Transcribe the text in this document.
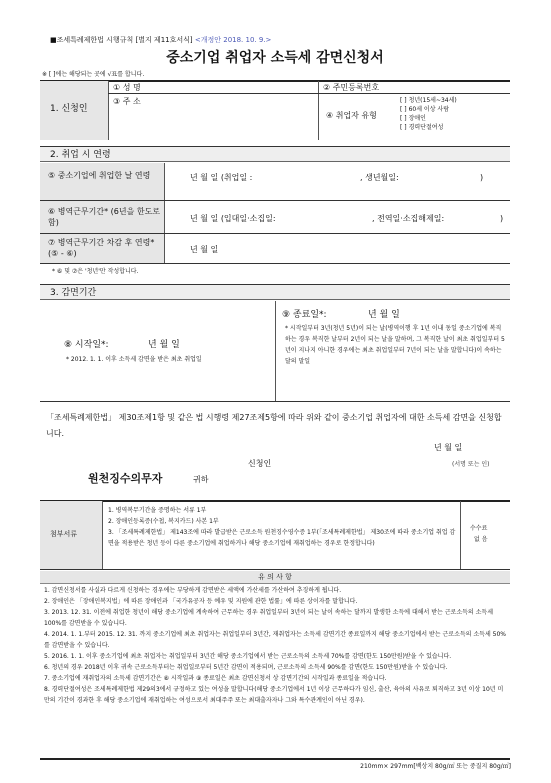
■조세특례제한법 시행규칙 [별지 제11호서식] <개정안 2018. 10. 9.>
중소기업 취업자 소득세 감면신청서
※ [ ]에는 해당되는 곳에 √표를 합니다.
1. 신청인
① 성 명	② 주민등록번호
③ 주 소
④ 취업자 유형
[ ] 청년(15세~34세)
[ ] 60세 이상 사람
[ ] 장애인
[ ] 경력단절여성
2. 취업 시 연령
⑤ 중소기업에 취업한 날 연령	년 월 일 (취업일 :	, 생년월일:	)
⑥ 병역근무기간* (6년을 한도로 함)	년 월 일 (입대일·소집일:	, 전역일·소집해제일:	)
⑦ 병역근무기간 차감 후 연령*(⑤ - ⑥)	년 월 일
* ⑥ 및 ⑦은 '청년'만 작성합니다.
3. 감면기간
⑧ 시작일*:	년 월 일
* 2012. 1. 1. 이후 소득세 감면을 받은 최초 취업일
⑨ 종료일*:	년 월 일
* 시작일부터 3년(청년 5년)이 되는 날(병역이행 후 1년 이내 동일 중소기업에 복직하는 경우 복직한 날부터 2년이 되는 날을 말하며, 그 복직한 날이 최초 취업일부터 5년이 지나지 아니한 경우에는 최초 취업일부터 7년이 되는 날을 말합니다)이 속하는 달의 말일
「조세특례제한법」 제30조제1항 및 같은 법 시행령 제27조제5항에 따라 위와 같이 중소기업 취업자에 대한 소득세 감면을 신청합니다.
년 월 일
신청인	(서명 또는 인)
원천징수의무자	귀하
첨부서류
1. 병역복무기간을 증명하는 서류 1부
2. 장애인등록증(수첩, 복지카드) 사본 1부
3. 「조세특례제한법」 제143조에 따라 발급받은 근로소득 원천징수영수증 1부(「조세특례제한법」 제30조에 따라 중소기업 취업 감면을 적용받은 청년 등이 다른 중소기업에 취업하거나 해당 중소기업에 재취업하는 경우로 한정합니다)
수수료
없 음
유 의 사 항
1. 감면신청서를 사실과 다르게 신청하는 경우에는 부당하게 감면받은 세액에 가산세를 가산하여 추징하게 됩니다.
2. 장애인은 「장애인복지법」에 따른 장애인과 「국가유공자 등 예우 및 지원에 관한 법률」에 따른 상이자를 말합니다.
3. 2013. 12. 31. 이전에 취업한 청년이 해당 중소기업에 계속하여 근무하는 경우 취업일부터 3년이 되는 날이 속하는 달까지 발생한 소득에 대해서 받는 근로소득의 소득세 100%를 감면받을 수 있습니다.
4. 2014. 1. 1.부터 2015. 12. 31. 까지 중소기업에 최초 취업자는 취업일부터 3년간, 재취업자는 소득세 감면기간 종료일까지 해당 중소기업에서 받는 근로소득의 소득세 50%를 감면받을 수 있습니다.
5. 2016. 1. 1. 이후 중소기업에 최초 취업자는 취업일부터 3년간 해당 중소기업에서 받는 근로소득의 소득세 70%를 감면(한도 150만원)받을 수 있습니다.
6. 청년의 경우 2018년 이후 귀속 근로소득부터는 취업일로부터 5년간 감면이 적용되며, 근로소득의 소득세 90%를 감면(한도 150만원)받을 수 있습니다.
7. 중소기업에 재취업자의 소득세 감면기간은 ⑧ 시작일과 ⑨ 종료일은 최초 감면신청서 상 감면기간의 시작일과 종료일을 적습니다.
8. 경력단절여성은 조세특례제한법 제29의3에서 규정하고 있는 여성을 말합니다(해당 중소기업에서 1년 이상 근무하다가 임신, 출산, 육아의 사유로 퇴직하고 3년 이상 10년 미만의 기간이 경과한 후 해당 중소기업에 재취업하는 여성으로서 최대주주 또는 최대출자자나 그와 특수관계인이 아닌 경우).
210mm× 297mm[백상지 80g/㎡ 또는 중질지 80g/㎡]
